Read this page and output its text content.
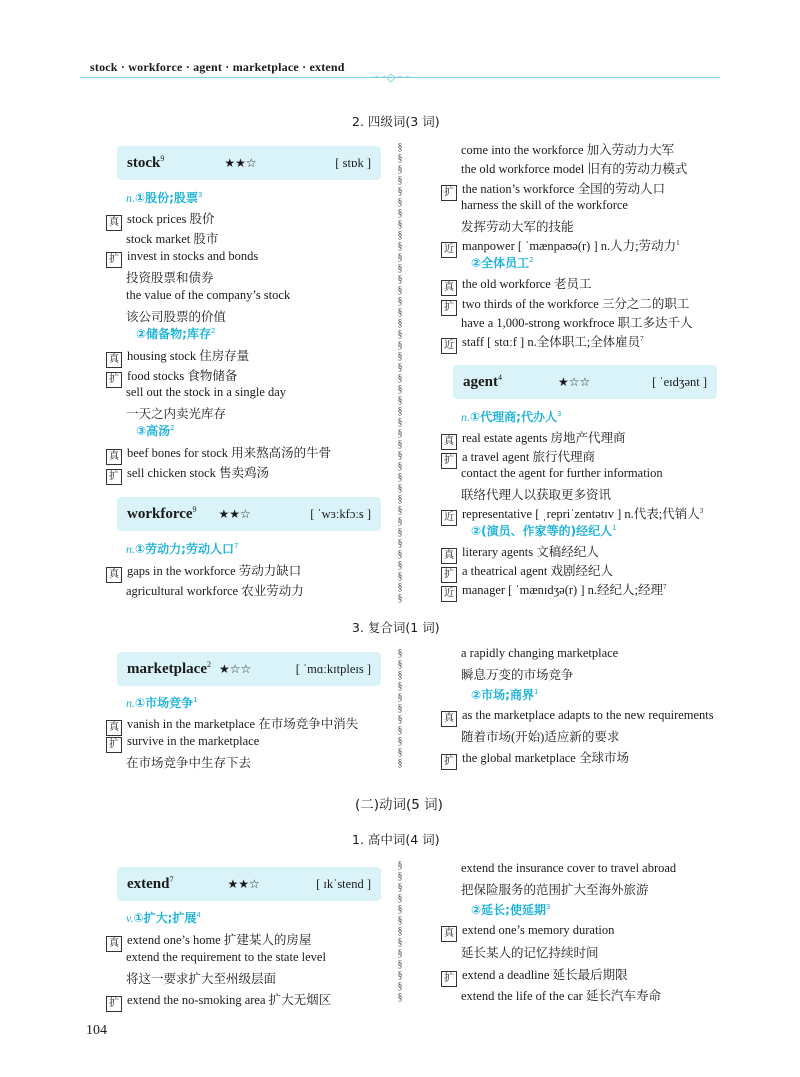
stock · workforce · agent · marketplace · extend
∽∽◇∽∽
2. 四级词(3 词)
§
§
§
§
§
§
§
§
§
§
§
§
§
§
§
§
§
§
§
§
§
§
§
§
§
§
§
§
§
§
§
§
§
§
§
§
§
§
§
§
§
§
§
§
§
§
§
§
§
§
§
§
§
§
§
§
§
§
§
§
§
§
§
§
§
§
stock$^9$	★★☆	[ stɒk ]
n.①股份;股票$^3$
真 stock prices 股价
stock market 股市
扩 invest in stocks and bonds
投资股票和债券
the value of the company’s stock
该公司股票的价值
②储备物;库存$^2$
真 housing stock 住房存量
扩 food stocks 食物储备
sell out the stock in a single day
一天之内卖光库存
③高汤$^2$
真 beef bones for stock 用来熬高汤的牛骨
扩 sell chicken stock 售卖鸡汤
workforce$^9$ ★★☆	[ ˈwɜːkfɔːs ]
n.①劳动力;劳动人口$^7$
真 gaps in the workforce 劳动力缺口
agricultural workforce 农业劳动力
come into the workforce 加入劳动力大军
the old workforce model 旧有的劳动力模式
扩 the nation’s workforce 全国的劳动人口
harness the skill of the workforce
发挥劳动大军的技能
近 manpower [ ˈmænpaʊə(r) ] n.人力;劳动力$^1$
②全体员工$^2$
真 the old workforce 老员工
扩 two thirds of the workforce 三分之二的职工
have a 1,000-strong workfroce 职工多达千人
近 staff [ stɑːf ] n.全体职工;全体雇员$^7$
agent$^4$	★☆☆	[ ˈeɪdʒənt ]
n.①代理商;代办人$^3$
真 real estate agents 房地产代理商
扩 a travel agent 旅行代理商
contact the agent for further information
联络代理人以获取更多资讯
近 representative [ ˌrepriˈzentətɪv ] n.代表;代销人$^3$
②(演员、作家等的)经纪人$^1$
真 literary agents 文稿经纪人
扩 a theatrical agent 戏剧经纪人
近 manager [ ˈmænɪdʒə(r) ] n.经纪人;经理$^7$
3. 复合词(1 词)
marketplace$^2$ ★☆☆	[ ˈmɑːkɪtpleɪs ]
n.①市场竞争$^1$
真 vanish in the marketplace 在市场竞争中消失
扩 survive in the marketplace
在市场竞争中生存下去
a rapidly changing marketplace
瞬息万变的市场竞争
②市场;商界$^1$
真 as the marketplace adapts to the new requirements
随着市场(开始)适应新的要求
扩 the global marketplace 全球市场
(二)动词(5 词)
1. 高中词(4 词)
extend$^7$	★★☆	[ ɪkˈstend ]
v.①扩大;扩展$^4$
真 extend one’s home 扩建某人的房屋
extend the requirement to the state level
将这一要求扩大至州级层面
扩 extend the no-smoking area 扩大无烟区
extend the insurance cover to travel abroad
把保险服务的范围扩大至海外旅游
②延长;使延期$^3$
真 extend one’s memory duration
延长某人的记忆持续时间
扩 extend a deadline 延长最后期限
extend the life of the car 延长汽车寿命
104
